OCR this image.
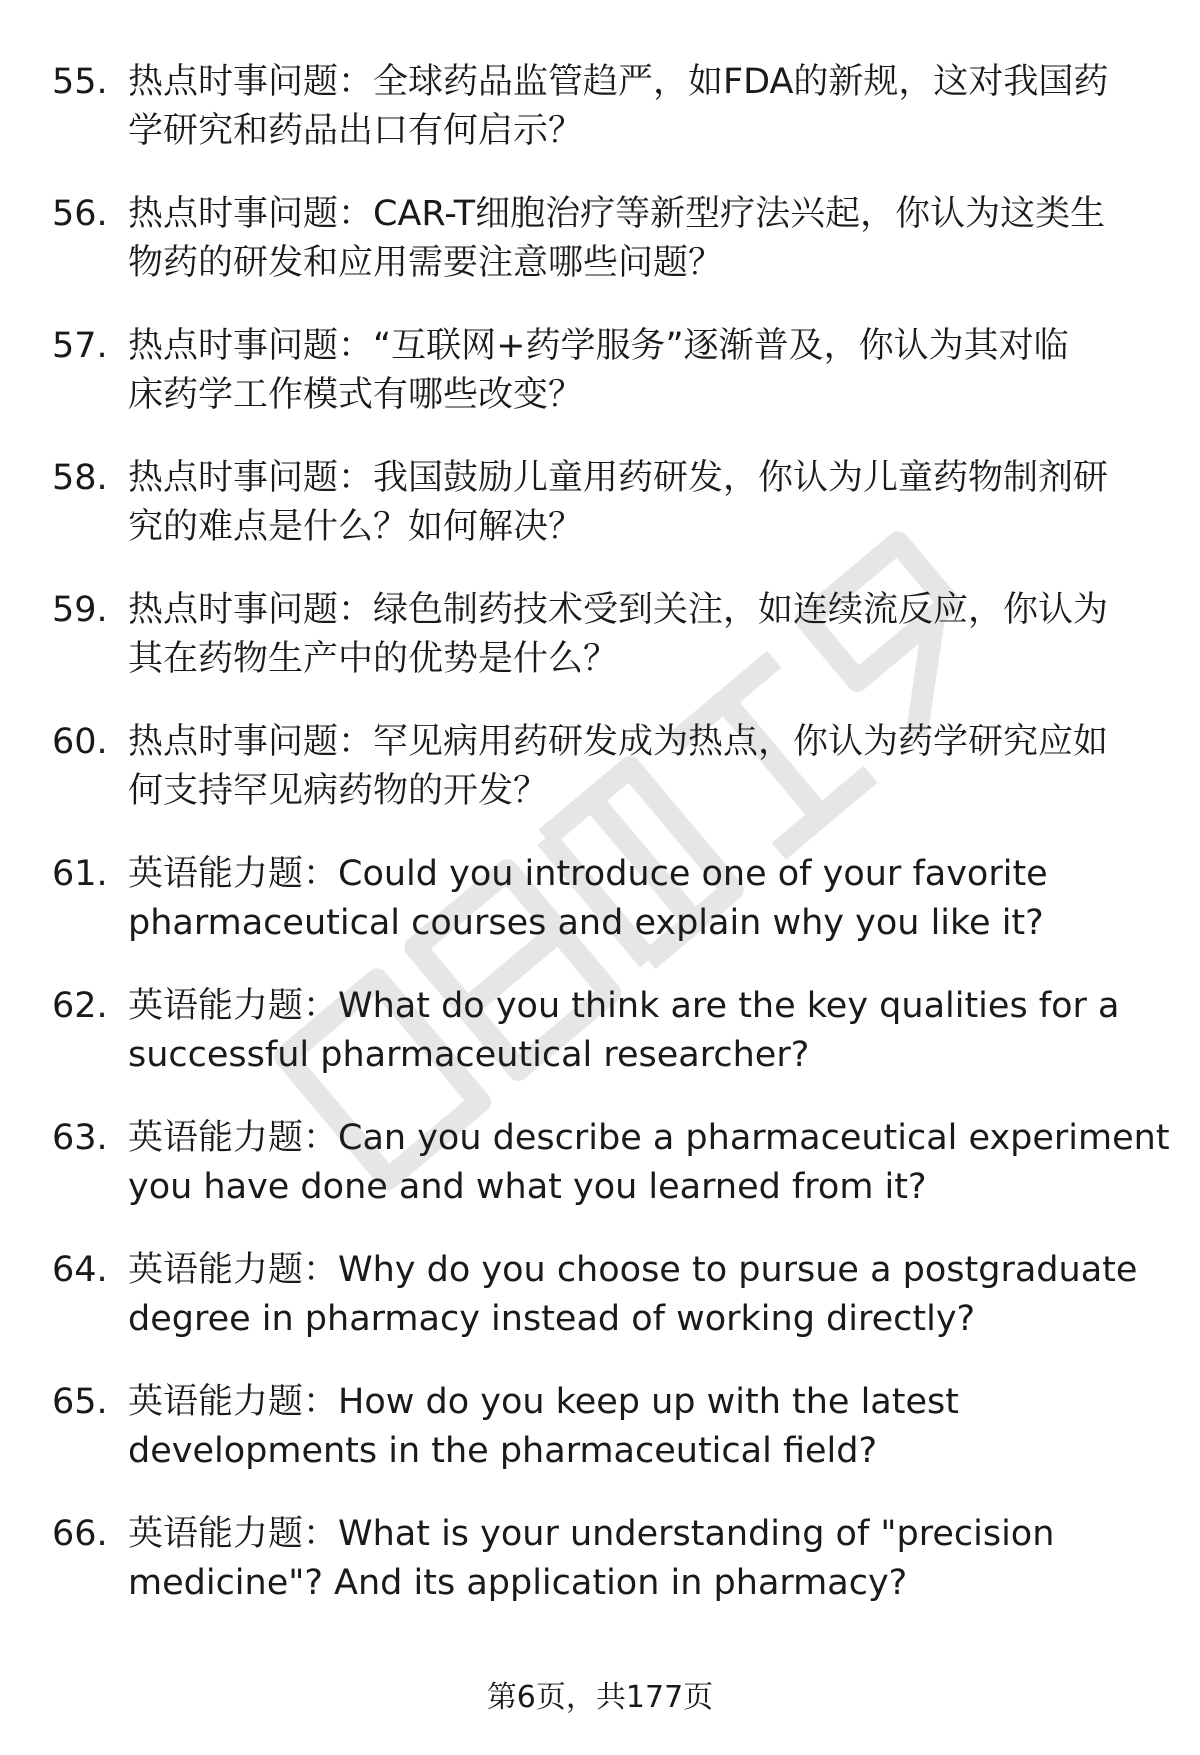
55. 热点时事问题：全球药品监管趋严，如FDA的新规，这对我国药
学研究和药品出口有何启示？
56. 热点时事问题：CAR-T细胞治疗等新型疗法兴起，你认为这类生
物药的研发和应用需要注意哪些问题？
57. 热点时事问题：“互联网+药学服务”逐渐普及，你认为其对临
床药学工作模式有哪些改变？
58. 热点时事问题：我国鼓励儿童用药研发，你认为儿童药物制剂研
究的难点是什么？如何解决？
59. 热点时事问题：绿色制药技术受到关注，如连续流反应，你认为
其在药物生产中的优势是什么？
60. 热点时事问题：罕见病用药研发成为热点，你认为药学研究应如
何支持罕见病药物的开发？
61. 英语能力题：Could you introduce one of your favorite
pharmaceutical courses and explain why you like it?
62. 英语能力题：What do you think are the key qualities for a
successful pharmaceutical researcher?
63. 英语能力题：Can you describe a pharmaceutical experiment
you have done and what you learned from it?
64. 英语能力题：Why do you choose to pursue a postgraduate
degree in pharmacy instead of working directly?
65. 英语能力题：How do you keep up with the latest
developments in the pharmaceutical field?
66. 英语能力题：What is your understanding of "precision
medicine"? And its application in pharmacy?
第6页，共177页
